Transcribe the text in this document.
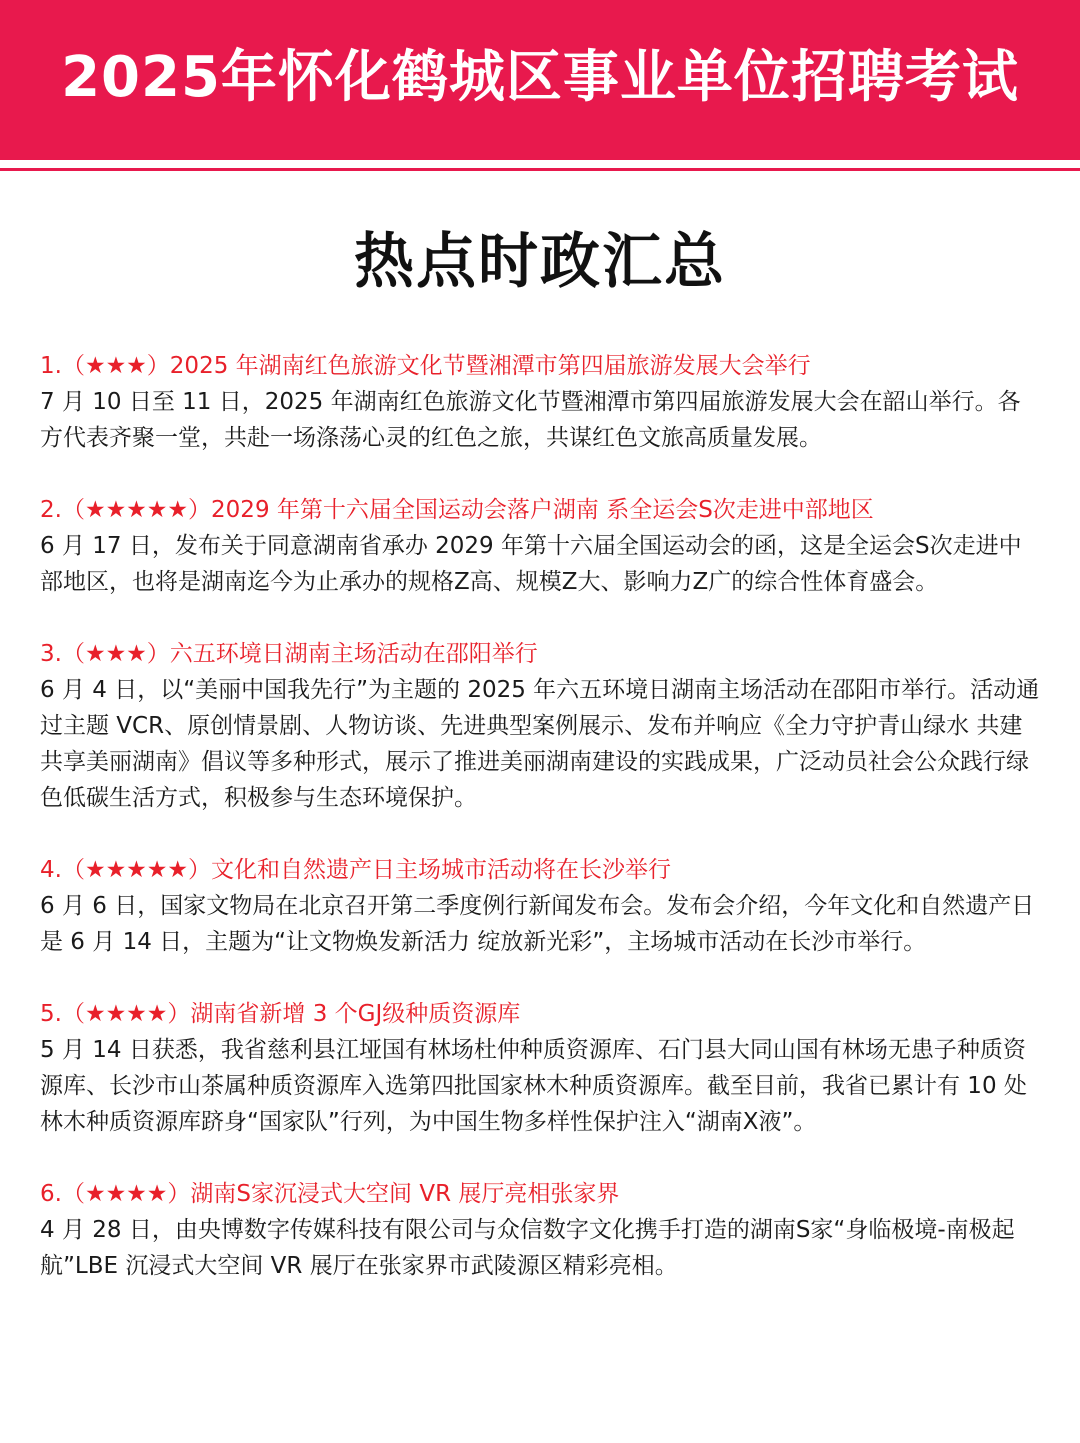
2025年怀化鹤城区事业单位招聘考试
热点时政汇总
1.（★★★）2025 年湖南红色旅游文化节暨湘潭市第四届旅游发展大会举行
7 月 10 日至 11 日，2025 年湖南红色旅游文化节暨湘潭市第四届旅游发展大会在韶山举行。各方代表齐聚一堂，共赴一场涤荡心灵的红色之旅，共谋红色文旅高质量发展。
2.（★★★★★）2029 年第十六届全国运动会落户湖南 系全运会S次走进中部地区
6 月 17 日，发布关于同意湖南省承办 2029 年第十六届全国运动会的函，这是全运会S次走进中部地区，也将是湖南迄今为止承办的规格Z高、规模Z大、影响力Z广的综合性体育盛会。
3.（★★★）六五环境日湖南主场活动在邵阳举行
6 月 4 日，以“美丽中国我先行”为主题的 2025 年六五环境日湖南主场活动在邵阳市举行。活动通过主题 VCR、原创情景剧、人物访谈、先进典型案例展示、发布并响应《全力守护青山绿水 共建共享美丽湖南》倡议等多种形式，展示了推进美丽湖南建设的实践成果，广泛动员社会公众践行绿色低碳生活方式，积极参与生态环境保护。
4.（★★★★★）文化和自然遗产日主场城市活动将在长沙举行
6 月 6 日，国家文物局在北京召开第二季度例行新闻发布会。发布会介绍，今年文化和自然遗产日是 6 月 14 日，主题为“让文物焕发新活力 绽放新光彩”，主场城市活动在长沙市举行。
5.（★★★★）湖南省新增 3 个GJ级种质资源库
5 月 14 日获悉，我省慈利县江垭国有林场杜仲种质资源库、石门县大同山国有林场无患子种质资源库、长沙市山茶属种质资源库入选第四批国家林木种质资源库。截至目前，我省已累计有 10 处林木种质资源库跻身“国家队”行列，为中国生物多样性保护注入“湖南X液”。
6.（★★★★）湖南S家沉浸式大空间 VR 展厅亮相张家界
4 月 28 日，由央博数字传媒科技有限公司与众信数字文化携手打造的湖南S家“身临极境-南极起航”LBE 沉浸式大空间 VR 展厅在张家界市武陵源区精彩亮相。
